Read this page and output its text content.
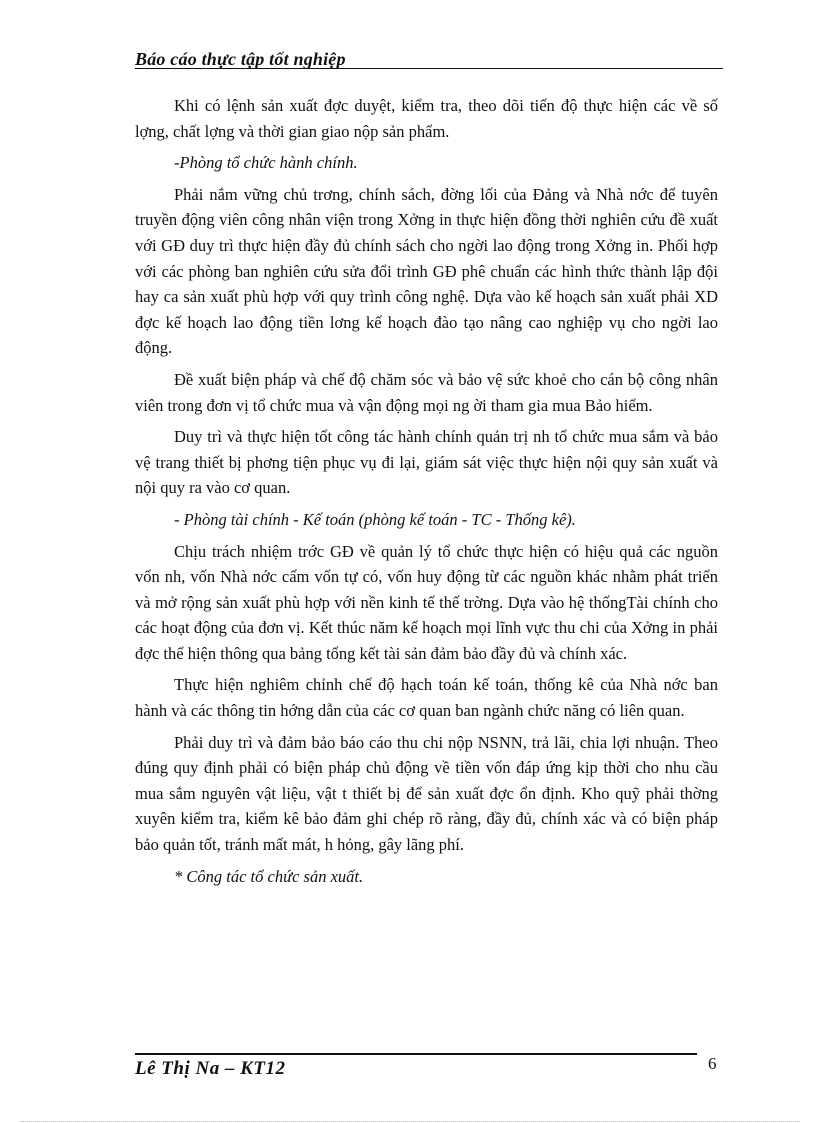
Báo cáo thực tập tốt nghiệp

Khi có lệnh sản xuất đợc duyệt, kiểm tra, theo dõi tiến độ thực hiện các về số lợng, chất lợng và thời gian giao nộp sản phẩm.

-Phòng tổ chức hành chính.

Phải nắm vững chủ trơng, chính sách, đờng lối của Đảng và Nhà nớc để tuyên truyền động viên công nhân viện trong Xởng in thực hiện đồng thời nghiên cứu đề xuất với GĐ duy trì thực hiện đầy đủ chính sách cho ngời lao động trong Xởng in. Phối hợp với các phòng ban nghiên cứu sửa đổi trình GĐ phê chuẩn các hình thức thành lập đội hay ca sản xuất phù hợp với quy trình công nghệ. Dựa vào kế hoạch sản xuất phải XD đợc kế hoạch lao động tiền lơng kế hoạch đào tạo nâng cao nghiệp vụ cho ngời lao động.

Đề xuất biện pháp và chế độ chăm sóc và bảo vệ sức khoẻ cho cán bộ công nhân viên trong đơn vị tổ chức mua và vận động mọi ng ời tham gia mua Bảo hiểm.

Duy trì và thực hiện tốt công tác hành chính quản trị nh tổ chức mua sắm và bảo vệ trang thiết bị phơng tiện phục vụ đi lại, giám sát việc thực hiện nội quy sản xuất và nội quy ra vào cơ quan.

- Phòng tài chính - Kế toán (phòng kế toán - TC - Thống kê).

Chịu trách nhiệm trớc GĐ về quản lý tổ chức thực hiện có hiệu quả các nguồn vốn nh, vốn Nhà nớc cấm vốn tự có, vốn huy động từ các nguồn khác nhằm phát triển và mở rộng sản xuất phù hợp với nền kinh tế thế trờng. Dựa vào hệ thốngTài chính cho các hoạt động của đơn vị. Kết thúc năm kế hoạch mọi lĩnh vực thu chi của Xởng in phải đợc thể hiện thông qua bảng tổng kết tài sản đảm bảo đầy đủ và chính xác.

Thực hiện nghiêm chỉnh chế độ hạch toán kế toán, thống kê của Nhà nớc ban hành và các thông tin hớng dẫn của các cơ quan ban ngành chức năng có liên quan.

Phải duy trì và đảm bảo báo cáo thu chi nộp NSNN, trả lãi, chia lợi nhuận. Theo đúng quy định phải có biện pháp chủ động về tiền vốn đáp ứng kịp thời cho nhu cầu mua sắm nguyên vật liệu, vật t thiết bị để sản xuất đợc ổn định. Kho quỹ phải thờng xuyên kiểm tra, kiểm kê bảo đảm ghi chép rõ ràng, đầy đủ, chính xác và có biện pháp bảo quản tốt, tránh mất mát, h hỏng, gây lãng phí.

* Công tác tổ chức sản xuất.

Lê Thị Na – KT12	6
